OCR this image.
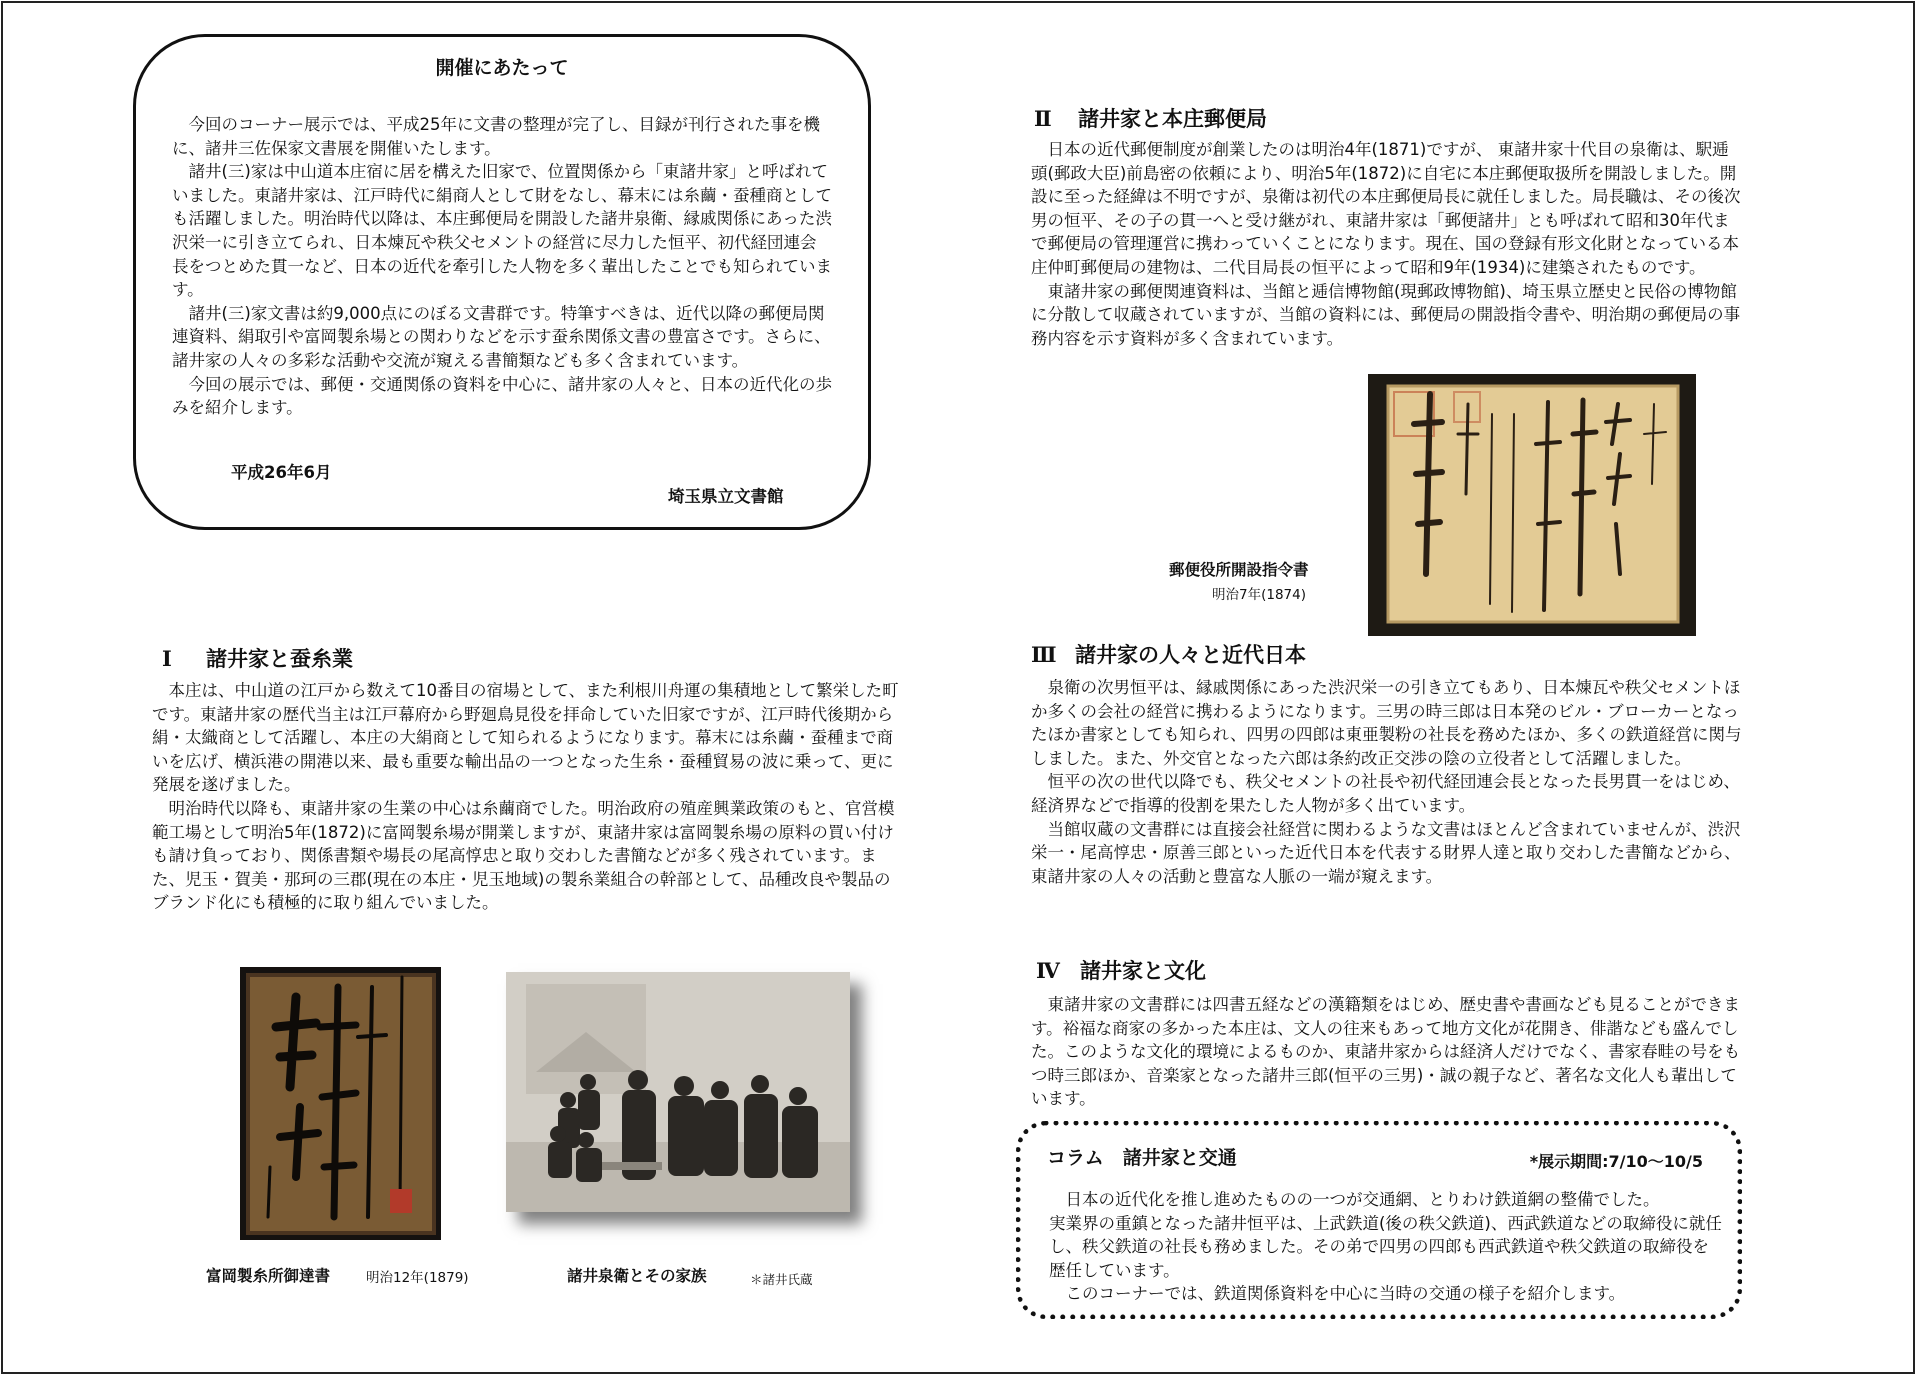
開催にあたって

今回のコーナー展示では、平成25年に文書の整理が完了し、目録が刊行された事を機に、諸井三佐保家文書展を開催いたします。

諸井(三)家は中山道本庄宿に居を構えた旧家で、位置関係から「東諸井家」と呼ばれていました。東諸井家は、江戸時代に絹商人として財をなし、幕末には糸繭・蚕種商としても活躍しました。明治時代以降は、本庄郵便局を開設した諸井泉衛、縁戚関係にあった渋沢栄一に引き立てられ、日本煉瓦や秩父セメントの経営に尽力した恒平、初代経団連会長をつとめた貫一など、日本の近代を牽引した人物を多く輩出したことでも知られています。

諸井(三)家文書は約9,000点にのぼる文書群です。特筆すべきは、近代以降の郵便局関連資料、絹取引や富岡製糸場との関わりなどを示す蚕糸関係文書の豊富さです。さらに、諸井家の人々の多彩な活動や交流が窺える書簡類なども多く含まれています。

今回の展示では、郵便・交通関係の資料を中心に、諸井家の人々と、日本の近代化の歩みを紹介します。

平成26年6月
埼玉県立文書館
Ⅰ 諸井家と蚕糸業

本庄は、中山道の江戸から数えて10番目の宿場として、また利根川舟運の集積地として繁栄した町です。東諸井家の歴代当主は江戸幕府から野廻鳥見役を拝命していた旧家ですが、江戸時代後期から絹・太織商として活躍し、本庄の大絹商として知られるようになります。幕末には糸繭・蚕種まで商いを広げ、横浜港の開港以来、最も重要な輸出品の一つとなった生糸・蚕種貿易の波に乗って、更に発展を遂げました。

明治時代以降も、東諸井家の生業の中心は糸繭商でした。明治政府の殖産興業政策のもと、官営模範工場として明治5年(1872)に富岡製糸場が開業しますが、東諸井家は富岡製糸場の原料の買い付けも請け負っており、関係書類や場長の尾高惇忠と取り交わした書簡などが多く残されています。また、児玉・賀美・那珂の三郡(現在の本庄・児玉地域)の製糸業組合の幹部として、品種改良や製品のブランド化にも積極的に取り組んでいました。

Ⅱ 諸井家と本庄郵便局

日本の近代郵便制度が創業したのは明治4年(1871)ですが、 東諸井家十代目の泉衛は、駅逓頭(郵政大臣)前島密の依頼により、明治5年(1872)に自宅に本庄郵便取扱所を開設しました。開設に至った経緯は不明ですが、泉衛は初代の本庄郵便局長に就任しました。局長職は、その後次男の恒平、その子の貫一へと受け継がれ、東諸井家は「郵便諸井」とも呼ばれて昭和30年代まで郵便局の管理運営に携わっていくことになります。現在、国の登録有形文化財となっている本庄仲町郵便局の建物は、二代目局長の恒平によって昭和9年(1934)に建築されたものです。

東諸井家の郵便関連資料は、当館と逓信博物館(現郵政博物館)、埼玉県立歴史と民俗の博物館に分散して収蔵されていますが、当館の資料には、郵便局の開設指令書や、明治期の郵便局の事務内容を示す資料が多く含まれています。

Ⅲ 諸井家の人々と近代日本

泉衛の次男恒平は、縁戚関係にあった渋沢栄一の引き立てもあり、日本煉瓦や秩父セメントほか多くの会社の経営に携わるようになります。三男の時三郎は日本発のビル・ブローカーとなったほか書家としても知られ、四男の四郎は東亜製粉の社長を務めたほか、多くの鉄道経営に関与しました。また、外交官となった六郎は条約改正交渉の陰の立役者として活躍しました。

恒平の次の世代以降でも、秩父セメントの社長や初代経団連会長となった長男貫一をはじめ、経済界などで指導的役割を果たした人物が多く出ています。

当館収蔵の文書群には直接会社経営に関わるような文書はほとんど含まれていませんが、渋沢栄一・尾高惇忠・原善三郎といった近代日本を代表する財界人達と取り交わした書簡などから、東諸井家の人々の活動と豊富な人脈の一端が窺えます。

Ⅳ 諸井家と文化

東諸井家の文書群には四書五経などの漢籍類をはじめ、歴史書や書画なども見ることができます。裕福な商家の多かった本庄は、文人の往来もあって地方文化が花開き、俳諧なども盛んでした。このような文化的環境によるものか、東諸井家からは経済人だけでなく、書家春畦の号をもつ時三郎ほか、音楽家となった諸井三郎(恒平の三男)・誠の親子など、著名な文化人も輩出しています。

郵便役所開設指令書
明治7年(1874)
富岡製糸所御達書	明治12年(1879)	諸井泉衛とその家族	＊諸井氏蔵
コラム　諸井家と交通	*展示期間:7/10～10/5

日本の近代化を推し進めたものの一つが交通網、とりわけ鉄道網の整備でした。

実業界の重鎮となった諸井恒平は、上武鉄道(後の秩父鉄道)、西武鉄道などの取締役に就任し、秩父鉄道の社長も務めました。その弟で四男の四郎も西武鉄道や秩父鉄道の取締役を歴任しています。

このコーナーでは、鉄道関係資料を中心に当時の交通の様子を紹介します。
